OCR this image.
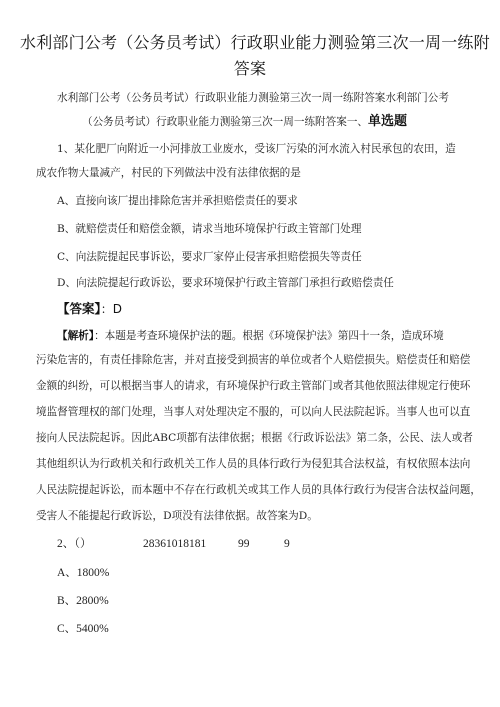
水利部门公考（公务员考试）行政职业能力测验第三次一周一练附
答案
水利部门公考（公务员考试）行政职业能力测验第三次一周一练附答案水利部门公考
（公务员考试）行政职业能力测验第三次一周一练附答案一、单选题
1、某化肥厂向附近一小河排放工业废水，受该厂污染的河水流入村民承包的农田，造
成农作物大量减产，村民的下列做法中没有法律依据的是
A、直接向该厂提出排除危害并承担赔偿责任的要求
B、就赔偿责任和赔偿金额，请求当地环境保护行政主管部门处理
C、向法院提起民事诉讼，要求厂家停止侵害承担赔偿损失等责任
D、向法院提起行政诉讼，要求环境保护行政主管部门承担行政赔偿责任
【答案】：D
【解析】：本题是考查环境保护法的题。根据《环境保护法》第四十一条，造成环境
污染危害的，有责任排除危害，并对直接受到损害的单位或者个人赔偿损失。赔偿责任和赔偿
金额的纠纷，可以根据当事人的请求，有环境保护行政主管部门或者其他依照法律规定行使环
境监督管理权的部门处理，当事人对处理决定不服的，可以向人民法院起诉。当事人也可以直
接向人民法院起诉。因此ABC项都有法律依据；根据《行政诉讼法》第二条，公民、法人或者
其他组织认为行政机关和行政机关工作人员的具体行政行为侵犯其合法权益，有权依照本法向
人民法院提起诉讼，而本题中不存在行政机关或其工作人员的具体行政行为侵害合法权益问题，
受害人不能提起行政诉讼，D项没有法律依据。故答案为D。
2、（）	28361018181	99	9
A、1800%
B、2800%
C、5400%
